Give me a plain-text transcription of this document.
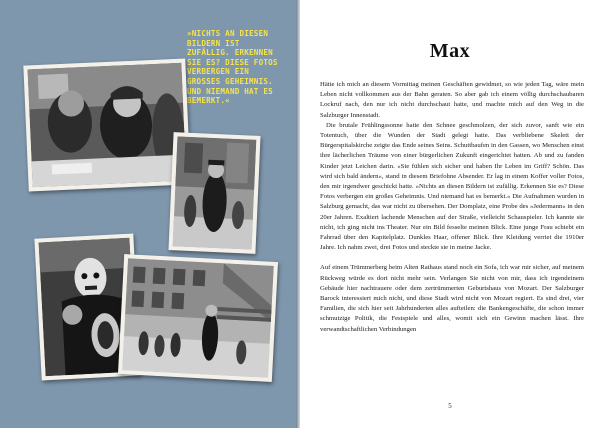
»NICHTS AN DIESEN BILDERN IST ZUFÄLLIG. ERKENNEN SIE ES? DIESE FOTOS VERBERGEN EIN GROSSES GEHEIMNIS. UND NIEMAND HAT ES BEMERKT.«
Max

Hätte ich mich an diesem Vormittag meinen Geschäften gewidmet, so wie jeden Tag, wäre mein Leben nicht vollkommen aus der Bahn geraten. So aber gab ich einem völlig durchschaubaren Lockruf nach, den nur ich nicht durchschaut hatte, und machte mich auf den Weg in die Salzburger Innenstadt.

Die brutale Frühlingssonne hatte den Schnee geschmolzen, der sich zuvor, sanft wie ein Totentuch, über die Wunden der Stadt gelegt hatte. Das verbliebene Skelett der Bürgerspitalskirche zeigte das Ende seines Seins. Schuttbaufen in den Gassen, wo Menschen einst ihre lächerlichen Träume von einer bürgerlichen Zukunft eingerichtet hatten. Ab und zu fanden Kinder jetzt Leichen darin. »Sie fühlen sich sicher und haben Ihr Leben im Griff? Schön. Das wird sich bald ändern«, stand in diesem Briefohne Absender. Er lag in einem Koffer voller Fotos, den mir irgendwer geschickt hatte. »Nichts an diesen Bildern ist zufällig. Erkennen Sie es? Diese Fotos verbergen ein großes Geheimnis. Und niemand hat es bemerkt.« Die Aufnahmen wurden in Salzburg gemacht, das war nicht zu übersehen. Der Domplatz, eine Probe des »Jedermann« in den 20er Jahren. Exaltiert lachende Menschen auf der Straße, vielleicht Schauspieler. Ich kannte sie nicht, ich ging nicht ins Theater. Nur ein Bild fesselte meinen Blick. Eine junge Frau schiebt ein Fahrrad über den Kapitelplatz. Dunkles Haar, offener Blick. Ihre Kleidung verriet die 1910er Jahre. Ich nahm zwei, drei Fotos und steckte sie in meine Jacke.

Auf einem Trümmerberg beim Alten Rathaus stand noch ein Sofa, ich war mir sicher, auf meinem Rückweg würde es dort nicht mehr sein. Verlangen Sie nicht von mir, dass ich irgendeinem Gebäude hier nachtrauere oder dem zertrümmerten Geburtshaus von Mozart. Der Salzburger Barock interessiert mich nicht, und diese Stadt wird nicht von Mozart regiert. Es sind drei, vier Familien, die sich hier seit Jahrhunderten alles aufteilen: die Bankengeschäfte, die schon immer schmutzige Politik, die Festspiele und alles, womit sich ein Gewinn machen lässt. Ihre verwandtschaftlichen Verbindungen

5
